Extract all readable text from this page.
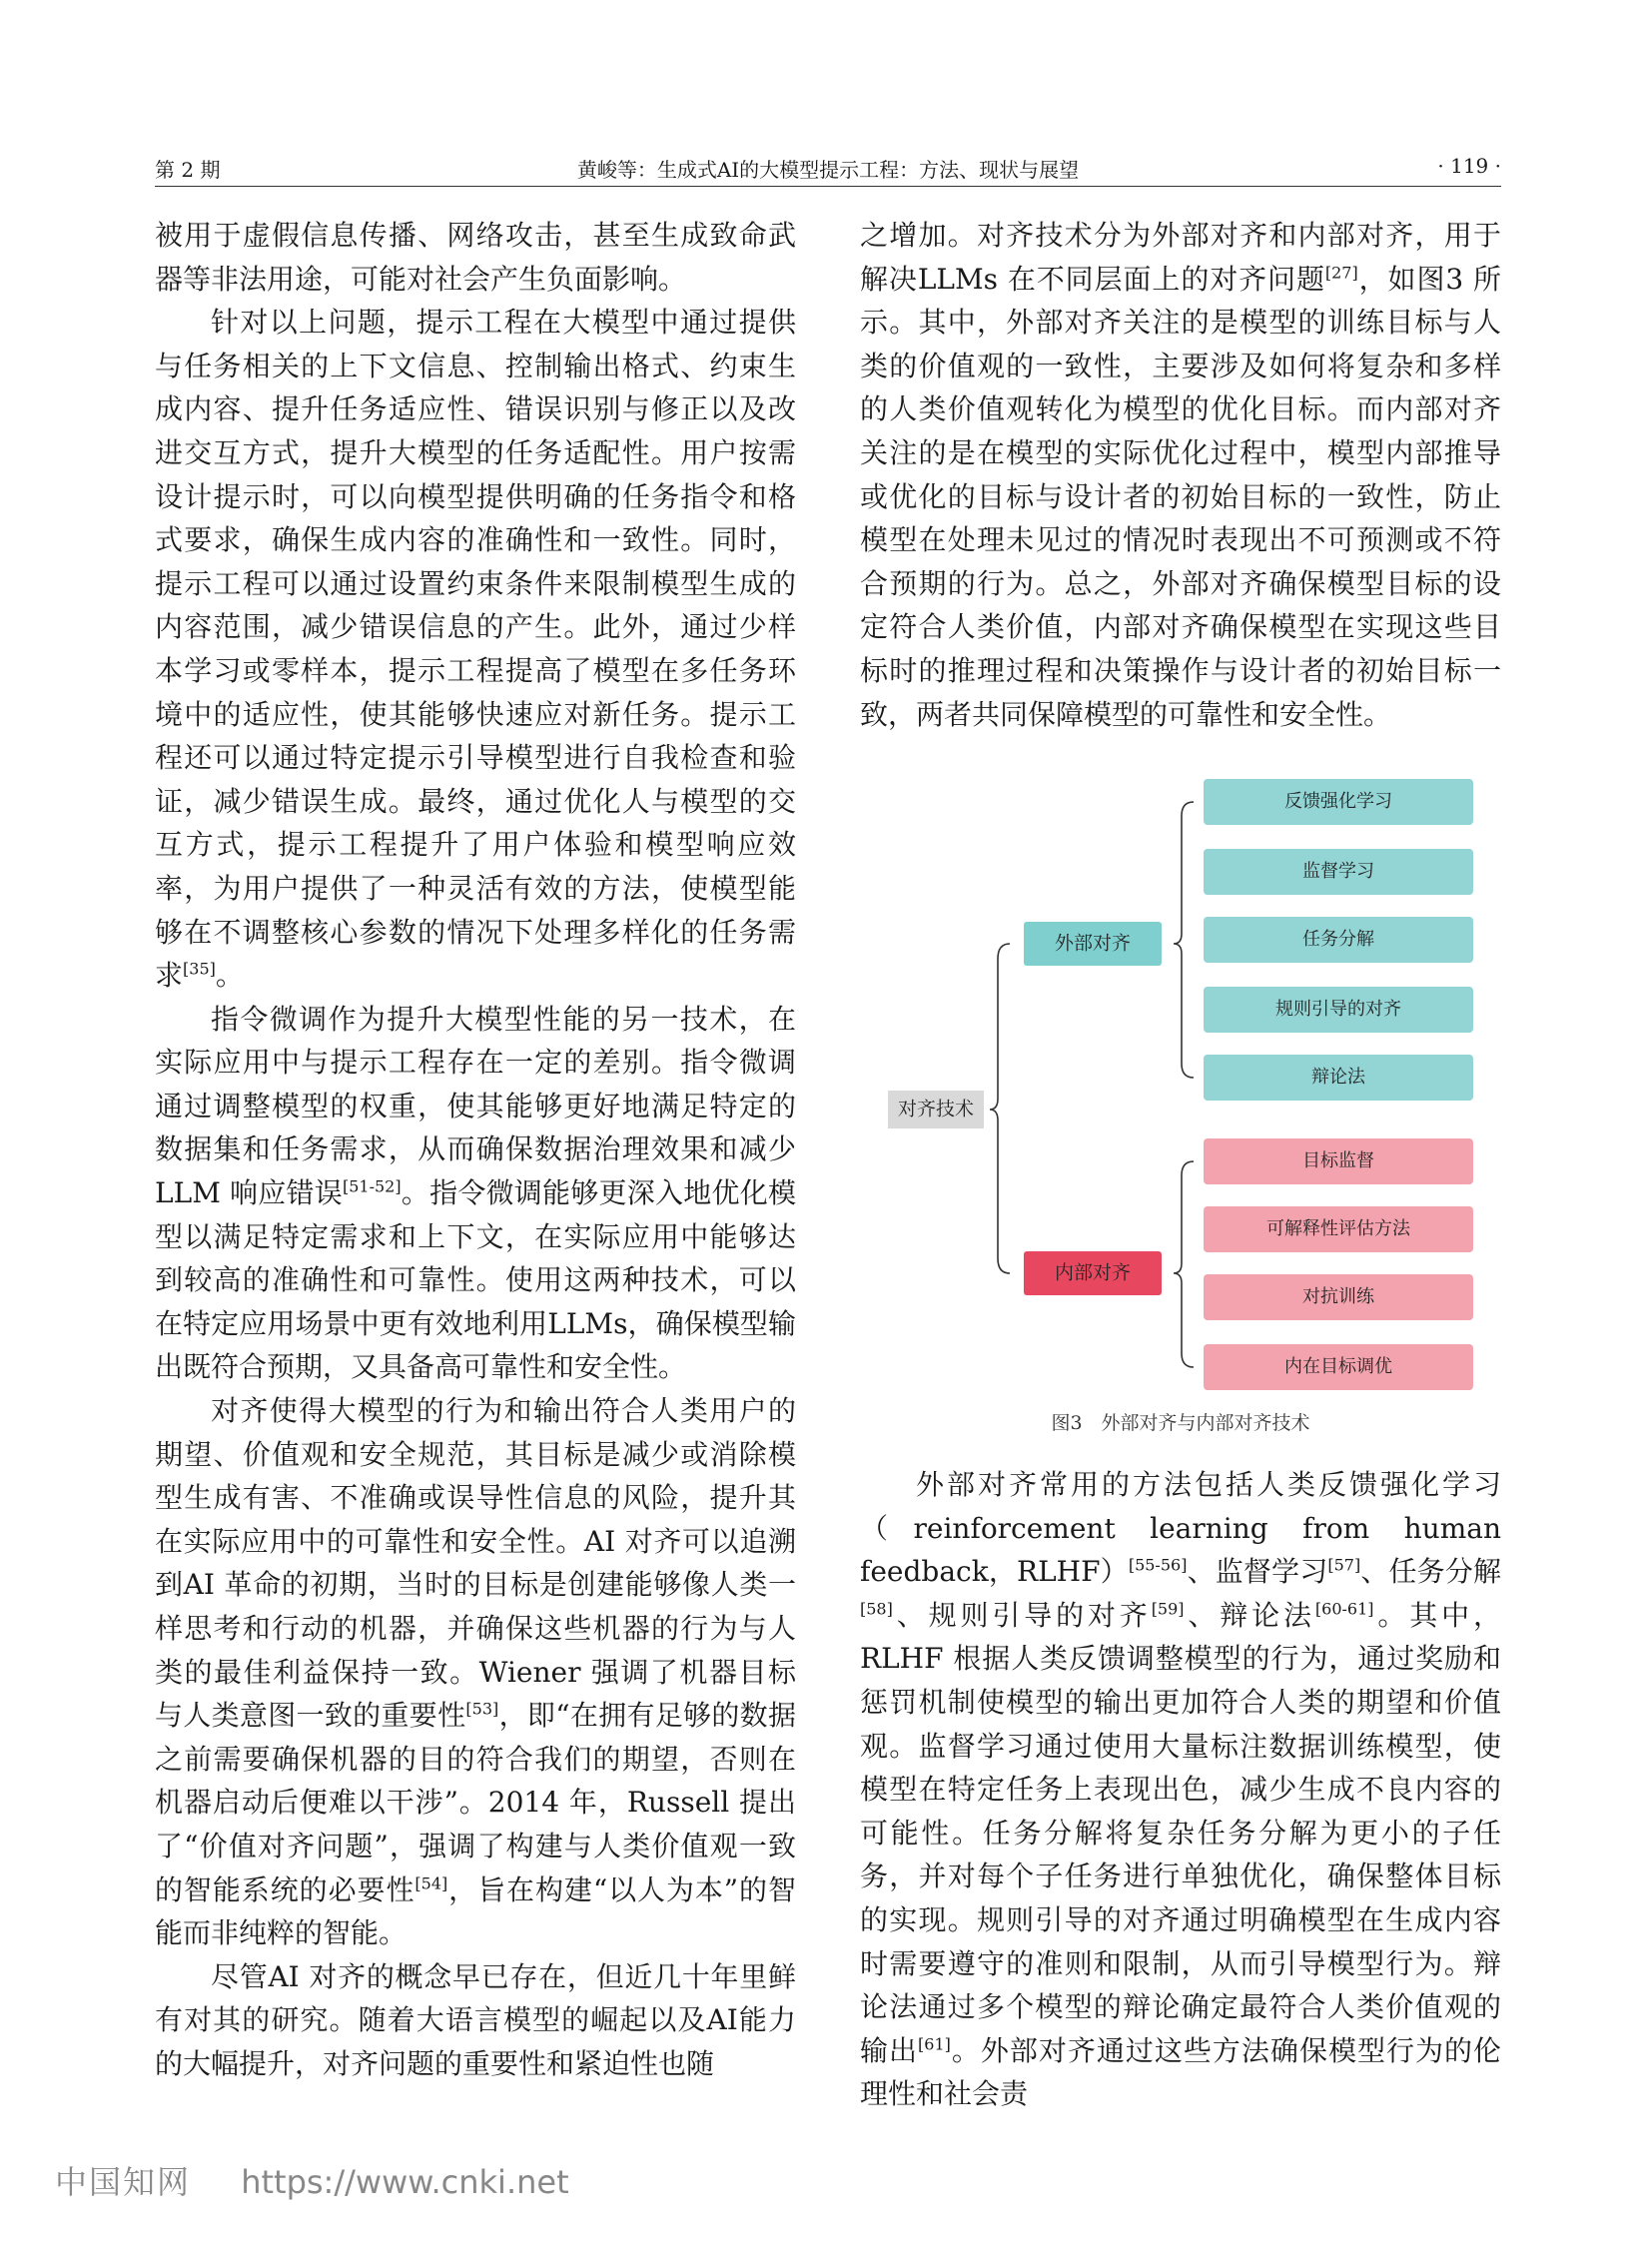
第 2 期	黄峻等：生成式AI的大模型提示工程：方法、现状与展望	· 119 ·

被用于虚假信息传播、网络攻击，甚至生成致命武器等非法用途，可能对社会产生负面影响。

针对以上问题，提示工程在大模型中通过提供与任务相关的上下文信息、控制输出格式、约束生成内容、提升任务适应性、错误识别与修正以及改进交互方式，提升大模型的任务适配性。用户按需设计提示时，可以向模型提供明确的任务指令和格式要求，确保生成内容的准确性和一致性。同时，提示工程可以通过设置约束条件来限制模型生成的内容范围，减少错误信息的产生。此外，通过少样本学习或零样本，提示工程提高了模型在多任务环境中的适应性，使其能够快速应对新任务。提示工程还可以通过特定提示引导模型进行自我检查和验证，减少错误生成。最终，通过优化人与模型的交互方式，提示工程提升了用户体验和模型响应效率，为用户提供了一种灵活有效的方法，使模型能够在不调整核心参数的情况下处理多样化的任务需求[35]。

指令微调作为提升大模型性能的另一技术，在实际应用中与提示工程存在一定的差别。指令微调通过调整模型的权重，使其能够更好地满足特定的数据集和任务需求，从而确保数据治理效果和减少LLM 响应错误[51-52]。指令微调能够更深入地优化模型以满足特定需求和上下文，在实际应用中能够达到较高的准确性和可靠性。使用这两种技术，可以在特定应用场景中更有效地利用LLMs，确保模型输出既符合预期，又具备高可靠性和安全性。

对齐使得大模型的行为和输出符合人类用户的期望、价值观和安全规范，其目标是减少或消除模型生成有害、不准确或误导性信息的风险，提升其在实际应用中的可靠性和安全性。AI 对齐可以追溯到AI 革命的初期，当时的目标是创建能够像人类一样思考和行动的机器，并确保这些机器的行为与人类的最佳利益保持一致。Wiener 强调了机器目标与人类意图一致的重要性[53]，即“在拥有足够的数据之前需要确保机器的目的符合我们的期望，否则在机器启动后便难以干涉”。2014 年，Russell 提出了“价值对齐问题”，强调了构建与人类价值观一致的智能系统的必要性[54]，旨在构建“以人为本”的智能而非纯粹的智能。

尽管AI 对齐的概念早已存在，但近几十年里鲜有对其的研究。随着大语言模型的崛起以及AI能力的大幅提升，对齐问题的重要性和紧迫性也随

之增加。对齐技术分为外部对齐和内部对齐，用于解决LLMs 在不同层面上的对齐问题[27]，如图3 所示。其中，外部对齐关注的是模型的训练目标与人类的价值观的一致性，主要涉及如何将复杂和多样的人类价值观转化为模型的优化目标。而内部对齐关注的是在模型的实际优化过程中，模型内部推导或优化的目标与设计者的初始目标的一致性，防止模型在处理未见过的情况时表现出不可预测或不符合预期的行为。总之，外部对齐确保模型目标的设定符合人类价值，内部对齐确保模型在实现这些目标时的推理过程和决策操作与设计者的初始目标一致，两者共同保障模型的可靠性和安全性。

对齐技术
外部对齐
反馈强化学习
监督学习
任务分解
规则引导的对齐
辩论法
内部对齐
目标监督
可解释性评估方法
对抗训练
内在目标调优
图3　外部对齐与内部对齐技术

外部对齐常用的方法包括人类反馈强化学习（reinforcement learning from human feedback，RLHF）[55-56]、监督学习[57]、任务分解[58]、规则引导的对齐[59]、辩论法[60-61]。其中，RLHF 根据人类反馈调整模型的行为，通过奖励和惩罚机制使模型的输出更加符合人类的期望和价值观。监督学习通过使用大量标注数据训练模型，使模型在特定任务上表现出色，减少生成不良内容的可能性。任务分解将复杂任务分解为更小的子任务，并对每个子任务进行单独优化，确保整体目标的实现。规则引导的对齐通过明确模型在生成内容时需要遵守的准则和限制，从而引导模型行为。辩论法通过多个模型的辩论确定最符合人类价值观的输出[61]。外部对齐通过这些方法确保模型行为的伦理性和社会责

中国知网 https://www.cnki.net
